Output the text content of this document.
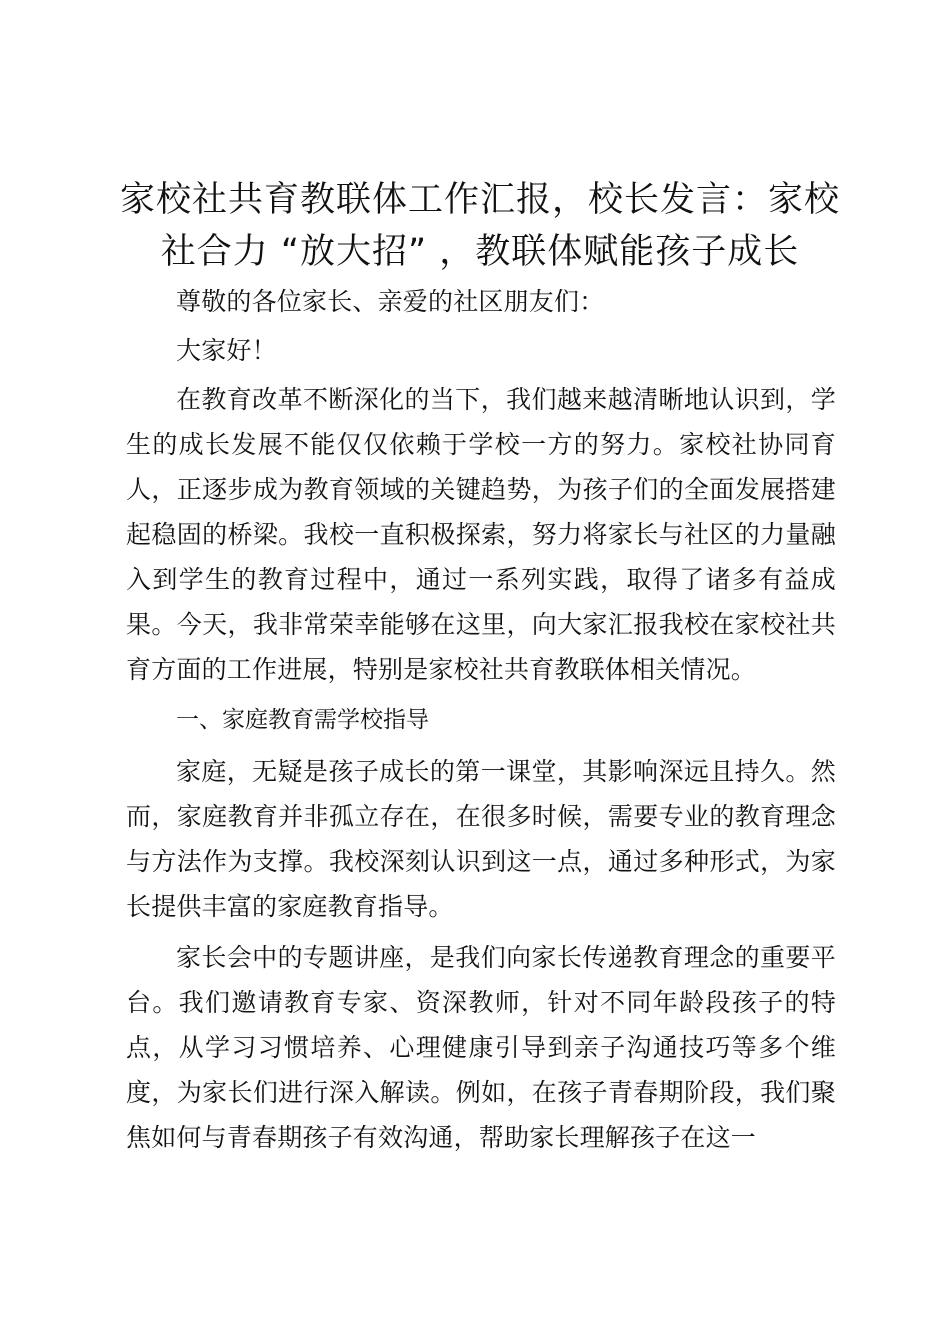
家校社共育教联体工作汇报，校长发言：家校社合力 “放大招” ，教联体赋能孩子成长

尊敬的各位家长、亲爱的社区朋友们：

大家好！

在教育改革不断深化的当下，我们越来越清晰地认识到，学生的成长发展不能仅仅依赖于学校一方的努力。家校社协同育人，正逐步成为教育领域的关键趋势，为孩子们的全面发展搭建起稳固的桥梁。我校一直积极探索，努力将家长与社区的力量融入到学生的教育过程中，通过一系列实践，取得了诸多有益成果。今天，我非常荣幸能够在这里，向大家汇报我校在家校社共育方面的工作进展，特别是家校社共育教联体相关情况。

一、家庭教育需学校指导

家庭，无疑是孩子成长的第一课堂，其影响深远且持久。然而，家庭教育并非孤立存在，在很多时候，需要专业的教育理念与方法作为支撑。我校深刻认识到这一点，通过多种形式，为家长提供丰富的家庭教育指导。

家长会中的专题讲座，是我们向家长传递教育理念的重要平台。我们邀请教育专家、资深教师，针对不同年龄段孩子的特点，从学习习惯培养、心理健康引导到亲子沟通技巧等多个维度，为家长们进行深入解读。例如，在孩子青春期阶段，我们聚焦如何与青春期孩子有效沟通，帮助家长理解孩子在这一
